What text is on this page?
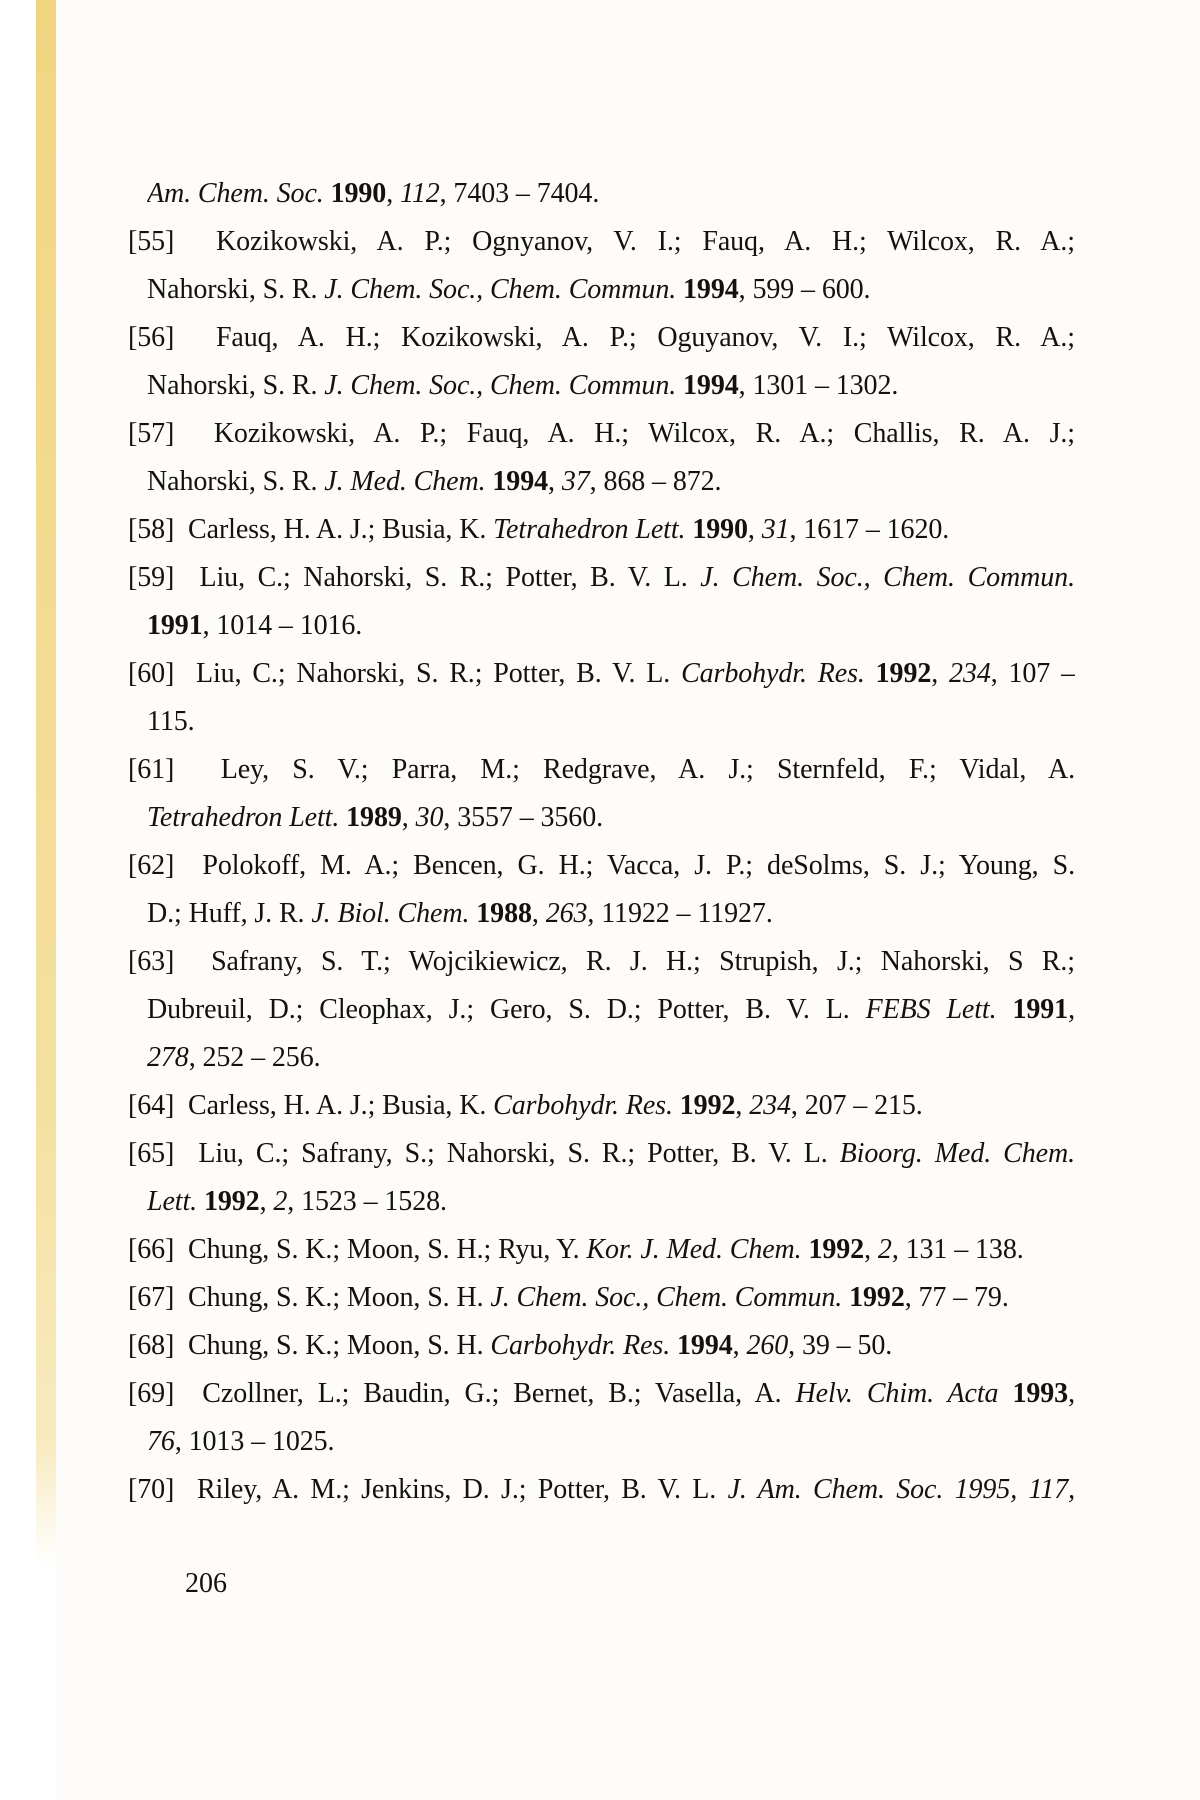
Am. Chem. Soc. 1990, 112, 7403 – 7404.
[55]  Kozikowski, A. P.; Ognyanov, V. I.; Fauq, A. H.; Wilcox, R. A.;
Nahorski, S. R. J. Chem. Soc., Chem. Commun. 1994, 599 – 600.
[56]  Fauq, A. H.; Kozikowski, A. P.; Oguyanov, V. I.; Wilcox, R. A.;
Nahorski, S. R. J. Chem. Soc., Chem. Commun. 1994, 1301 – 1302.
[57]  Kozikowski, A. P.; Fauq, A. H.; Wilcox, R. A.; Challis, R. A. J.;
Nahorski, S. R. J. Med. Chem. 1994, 37, 868 – 872.
[58]  Carless, H. A. J.; Busia, K. Tetrahedron Lett. 1990, 31, 1617 – 1620.
[59]  Liu, C.; Nahorski, S. R.; Potter, B. V. L. J. Chem. Soc., Chem. Commun.
1991, 1014 – 1016.
[60]  Liu, C.; Nahorski, S. R.; Potter, B. V. L. Carbohydr. Res. 1992, 234, 107 –
115.
[61]  Ley, S. V.; Parra, M.; Redgrave, A. J.; Sternfeld, F.; Vidal, A.
Tetrahedron Lett. 1989, 30, 3557 – 3560.
[62]  Polokoff, M. A.; Bencen, G. H.; Vacca, J. P.; deSolms, S. J.; Young, S.
D.; Huff, J. R. J. Biol. Chem. 1988, 263, 11922 – 11927.
[63]  Safrany, S. T.; Wojcikiewicz, R. J. H.; Strupish, J.; Nahorski, S R.;
Dubreuil, D.; Cleophax, J.; Gero, S. D.; Potter, B. V. L. FEBS Lett. 1991,
278, 252 – 256.
[64]  Carless, H. A. J.; Busia, K. Carbohydr. Res. 1992, 234, 207 – 215.
[65]  Liu, C.; Safrany, S.; Nahorski, S. R.; Potter, B. V. L. Bioorg. Med. Chem.
Lett. 1992, 2, 1523 – 1528.
[66]  Chung, S. K.; Moon, S. H.; Ryu, Y. Kor. J. Med. Chem. 1992, 2, 131 – 138.
[67]  Chung, S. K.; Moon, S. H. J. Chem. Soc., Chem. Commun. 1992, 77 – 79.
[68]  Chung, S. K.; Moon, S. H. Carbohydr. Res. 1994, 260, 39 – 50.
[69]  Czollner, L.; Baudin, G.; Bernet, B.; Vasella, A. Helv. Chim. Acta 1993,
76, 1013 – 1025.
[70]  Riley, A. M.; Jenkins, D. J.; Potter, B. V. L. J. Am. Chem. Soc. 1995, 117,
206
